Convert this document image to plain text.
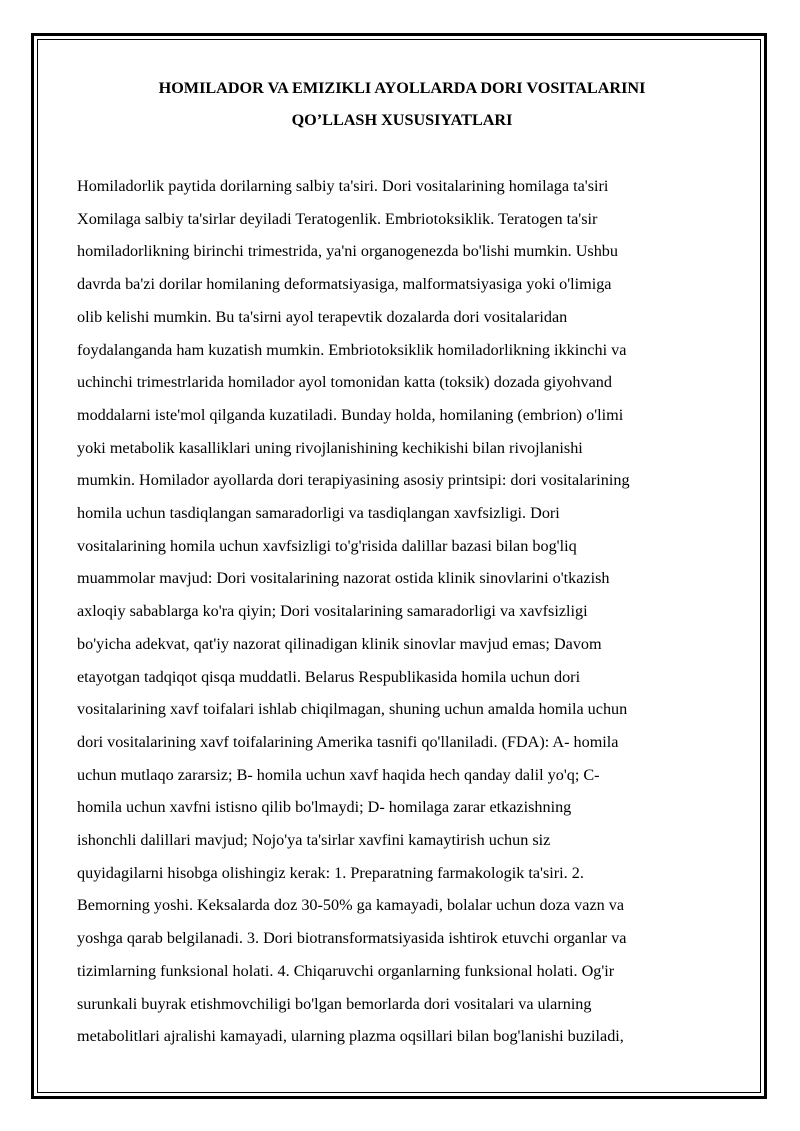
HOMILADOR VA EMIZIKLI AYOLLARDA DORI VOSITALARINI
QO’LLASH XUSUSIYATLARI
Homiladorlik paytida dorilarning salbiy ta'siri. Dori vositalarining homilaga ta'siri
Xomilaga salbiy ta'sirlar deyiladi Teratogenlik. Embriotoksiklik. Teratogen ta'sir
homiladorlikning birinchi trimestrida, ya'ni organogenezda bo'lishi mumkin. Ushbu
davrda ba'zi dorilar homilaning deformatsiyasiga, malformatsiyasiga yoki o'limiga
olib kelishi mumkin. Bu ta'sirni ayol terapevtik dozalarda dori vositalaridan
foydalanganda ham kuzatish mumkin. Embriotoksiklik homiladorlikning ikkinchi va
uchinchi trimestrlarida homilador ayol tomonidan katta (toksik) dozada giyohvand
moddalarni iste'mol qilganda kuzatiladi. Bunday holda, homilaning (embrion) o'limi
yoki metabolik kasalliklari uning rivojlanishining kechikishi bilan rivojlanishi
mumkin. Homilador ayollarda dori terapiyasining asosiy printsipi: dori vositalarining
homila uchun tasdiqlangan samaradorligi va tasdiqlangan xavfsizligi. Dori
vositalarining homila uchun xavfsizligi to'g'risida dalillar bazasi bilan bog'liq
muammolar mavjud: Dori vositalarining nazorat ostida klinik sinovlarini o'tkazish
axloqiy sabablarga ko'ra qiyin; Dori vositalarining samaradorligi va xavfsizligi
bo'yicha adekvat, qat'iy nazorat qilinadigan klinik sinovlar mavjud emas; Davom
etayotgan tadqiqot qisqa muddatli. Belarus Respublikasida homila uchun dori
vositalarining xavf toifalari ishlab chiqilmagan, shuning uchun amalda homila uchun
dori vositalarining xavf toifalarining Amerika tasnifi qo'llaniladi. (FDA): A- homila
uchun mutlaqo zararsiz; B- homila uchun xavf haqida hech qanday dalil yo'q; C-
homila uchun xavfni istisno qilib bo'lmaydi; D- homilaga zarar etkazishning
ishonchli dalillari mavjud; Nojo'ya ta'sirlar xavfini kamaytirish uchun siz
quyidagilarni hisobga olishingiz kerak: 1. Preparatning farmakologik ta'siri. 2.
Bemorning yoshi. Keksalarda doz 30-50% ga kamayadi, bolalar uchun doza vazn va
yoshga qarab belgilanadi. 3. Dori biotransformatsiyasida ishtirok etuvchi organlar va
tizimlarning funksional holati. 4. Chiqaruvchi organlarning funksional holati. Og'ir
surunkali buyrak etishmovchiligi bo'lgan bemorlarda dori vositalari va ularning
metabolitlari ajralishi kamayadi, ularning plazma oqsillari bilan bog'lanishi buziladi,
